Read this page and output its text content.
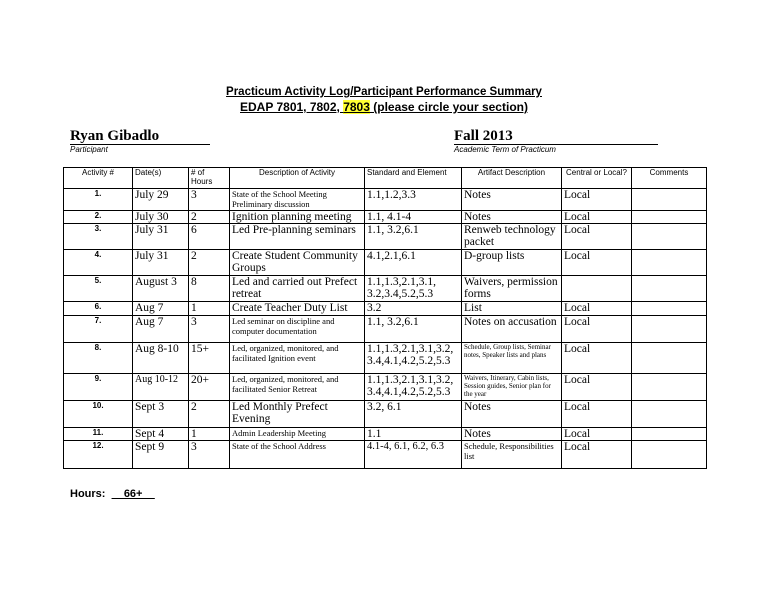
Practicum Activity Log/Participant Performance Summary
EDAP 7801, 7802, 7803 (please circle your section)
Ryan Gibadlo
Participant
Fall 2013
Academic Term of Practicum
Activity #	Date(s)	# of Hours	Description of Activity	Standard and Element	Artifact Description	Central or Local?	Comments
1.	July 29	3	State of the School Meeting Preliminary discussion	1.1,1.2,3.3	Notes	Local	
2.	July 30	2	Ignition planning meeting	1.1, 4.1-4	Notes	Local	
3.	July 31	6	Led Pre-planning seminars	1.1, 3.2,6.1	Renweb technology packet	Local	
4.	July 31	2	Create Student Community Groups	4.1,2.1,6.1	D-group lists	Local	
5.	August 3	8	Led and carried out Prefect retreat	1.1,1.3,2.1,3.1, 3.2,3.4,5.2,5.3	Waivers, permission forms		
6.	Aug 7	1	Create Teacher Duty List	3.2	List	Local	
7.	Aug 7	3	Led seminar on discipline and computer documentation	1.1, 3.2,6.1	Notes on accusation	Local	
8.	Aug 8-10	15+	Led, organized, monitored, and facilitated Ignition event	1.1,1.3,2.1,3.1,3.2, 3.4,4.1,4.2,5.2,5.3	Schedule, Group lists, Seminar notes, Speaker lists and plans	Local	
9.	Aug 10-12	20+	Led, organized, monitored, and facilitated Senior Retreat	1.1,1.3,2.1,3.1,3.2, 3.4,4.1,4.2,5.2,5.3	Waivers, Itinerary, Cabin lists, Session guides, Senior plan for the year	Local	
10.	Sept 3	2	Led Monthly Prefect Evening	3.2, 6.1	Notes	Local	
11.	Sept 4	1	Admin Leadership Meeting	1.1	Notes	Local	
12.	Sept 9	3	State of the School Address	4.1-4, 6.1, 6.2, 6.3	Schedule, Responsibilities list	Local	
Hours: __66+__
